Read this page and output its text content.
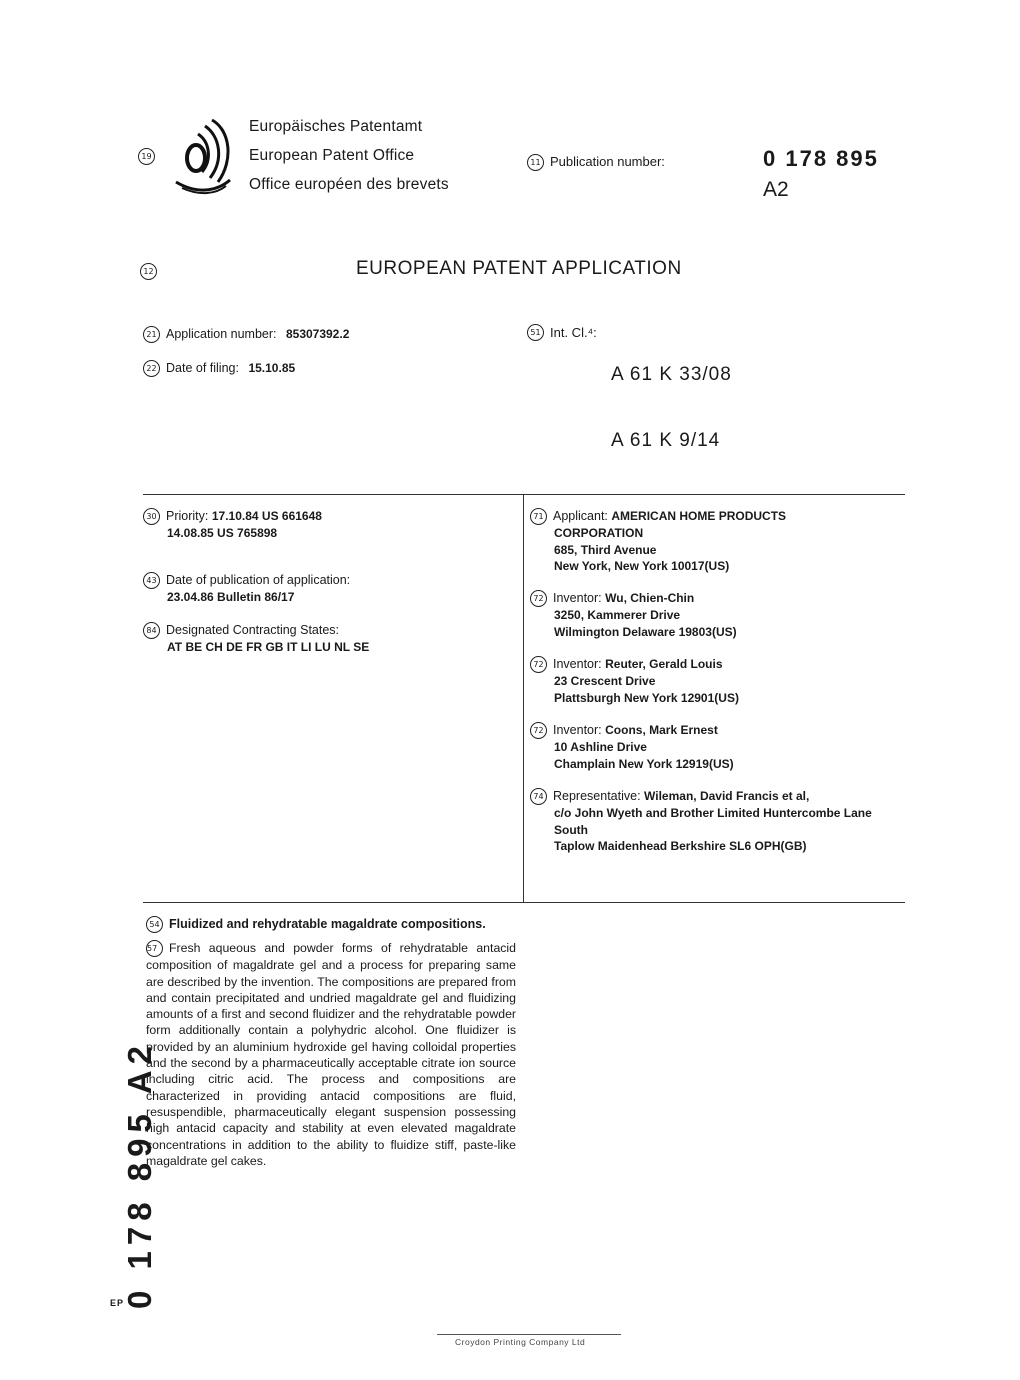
19
Europäisches Patentamt
European Patent Office
Office européen des brevets
11 Publication number:	0 178 895
A2
12	EUROPEAN PATENT APPLICATION
21 Application number: 85307392.2
22 Date of filing: 15.10.85
51 Int. Cl.⁴:

A 61 K 33/08

A 61 K 9/14

30 Priority: 17.10.84 US 661648
14.08.85 US 765898
43 Date of publication of application:
23.04.86 Bulletin 86/17
84 Designated Contracting States:
AT BE CH DE FR GB IT LI LU NL SE
71 Applicant: AMERICAN HOME PRODUCTS
CORPORATION
685, Third Avenue
New York, New York 10017(US)
72 Inventor: Wu, Chien-Chin
3250, Kammerer Drive
Wilmington Delaware 19803(US)
72 Inventor: Reuter, Gerald Louis
23 Crescent Drive
Plattsburgh New York 12901(US)
72 Inventor: Coons, Mark Ernest
10 Ashline Drive
Champlain New York 12919(US)
74 Representative: Wileman, David Francis et al,
c/o John Wyeth and Brother Limited Huntercombe Lane
South
Taplow Maidenhead Berkshire SL6 OPH(GB)
54 Fluidized and rehydratable magaldrate compositions.
57 Fresh aqueous and powder forms of rehydratable antacid composition of magaldrate gel and a process for preparing same are described by the invention. The compositions are prepared from and contain precipitated and undried magaldrate gel and fluidizing amounts of a first and second fluidizer and the rehydratable powder form additionally contain a polyhydric alcohol. One fluidizer is provided by an aluminium hydroxide gel having colloidal properties and the second by a pharmaceutically acceptable citrate ion source including citric acid. The process and compositions are characterized in providing antacid compositions are fluid, resuspendible, pharmaceutically elegant suspension possessing high antacid capacity and stability at even elevated magaldrate concentrations in addition to the ability to fluidize stiff, paste-like magaldrate gel cakes.
0 178 895 A2
EP
Croydon Printing Company Ltd
